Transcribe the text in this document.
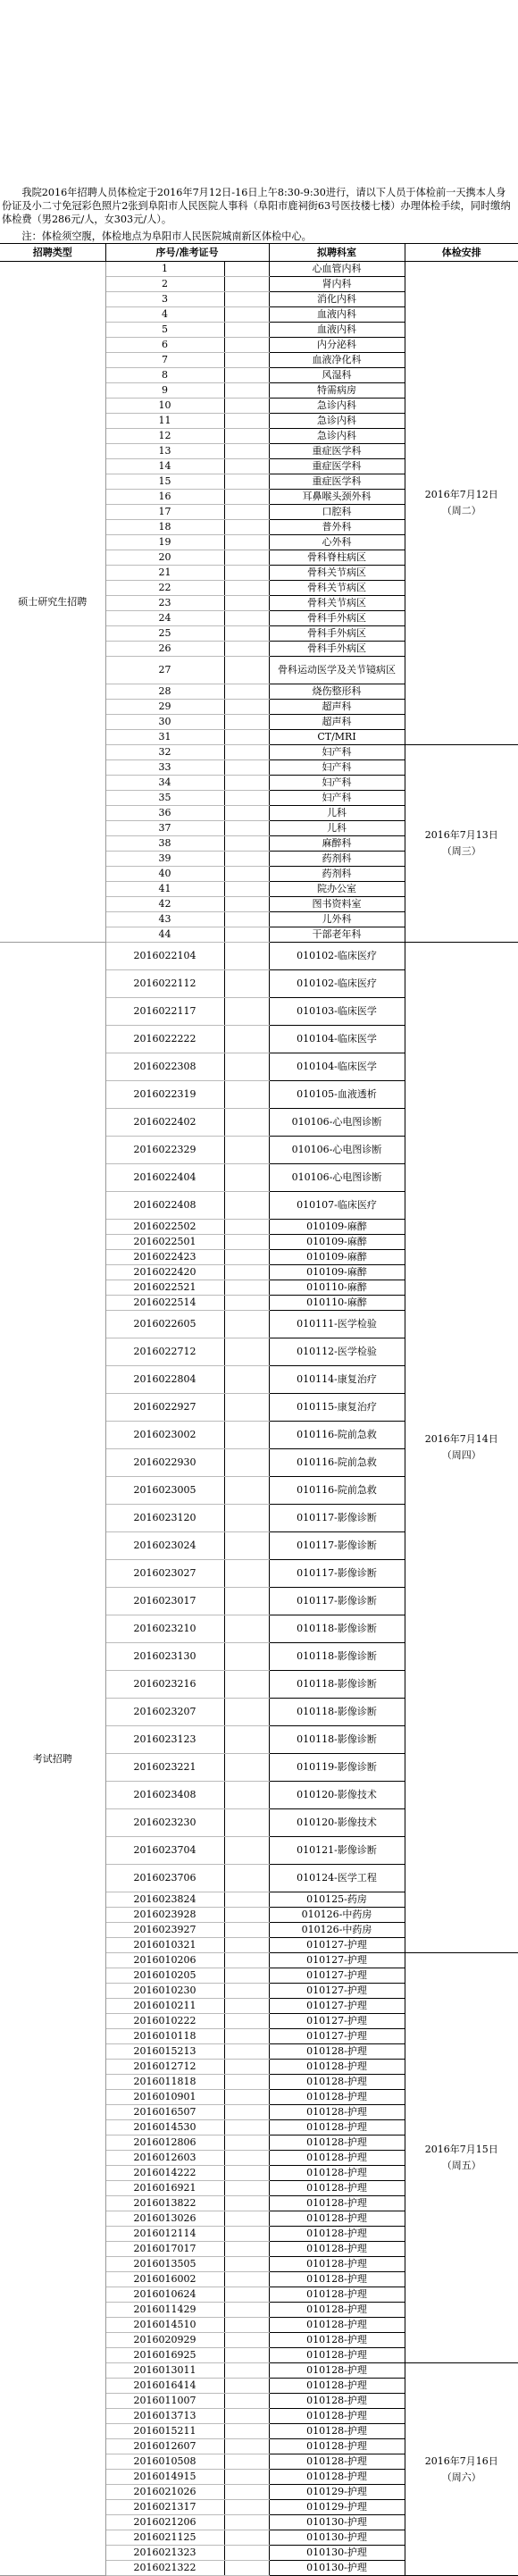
　　我院2016年招聘人员体检定于2016年7月12日-16日上午8:30-9:30进行，请以下人员于体检前一天携本人身份证及小二寸免冠彩色照片2张到阜阳市人民医院人事科（阜阳市鹿祠街63号医技楼七楼）办理体检手续，同时缴纳体检费（男286元/人，女303元/人）。
　　注：体检须空腹，体检地点为阜阳市人民医院城南新区体检中心。
招聘类型	序号/准考证号		拟聘科室	体检安排
硕士研究生招聘	1		心血管内科	2016年7月12日
（周二）
	2		肾内科	
	3		消化内科	
	4		血液内科	
	5		血液内科	
	6		内分泌科	
	7		血液净化科	
	8		风湿科	
	9		特需病房	
	10		急诊内科	
	11		急诊内科	
	12		急诊内科	
	13		重症医学科	
	14		重症医学科	
	15		重症医学科	
	16		耳鼻喉头颈外科	
	17		口腔科	
	18		普外科	
	19		心外科	
	20		骨科脊柱病区	
	21		骨科关节病区	
	22		骨科关节病区	
	23		骨科关节病区	
	24		骨科手外病区	
	25		骨科手外病区	
	26		骨科手外病区	
	27		骨科运动医学及关节镜病区	
	28		烧伤整形科	
	29		超声科	
	30		超声科	
	31		CT/MRI	
	32		妇产科	2016年7月13日
（周三）
	33		妇产科	
	34		妇产科	
	35		妇产科	
	36		儿科	
	37		儿科	
	38		麻醉科	
	39		药剂科	
	40		药剂科	
	41		院办公室	
	42		图书资料室	
	43		儿外科	
	44		干部老年科	
考试招聘	2016022104		010102-临床医疗	2016年7月14日
（周四）
	2016022112		010102-临床医疗	
	2016022117		010103-临床医学	
	2016022222		010104-临床医学	
	2016022308		010104-临床医学	
	2016022319		010105-血液透析	
	2016022402		010106-心电图诊断	
	2016022329		010106-心电图诊断	
	2016022404		010106-心电图诊断	
	2016022408		010107-临床医疗	
	2016022502		010109-麻醉	
	2016022501		010109-麻醉	
	2016022423		010109-麻醉	
	2016022420		010109-麻醉	
	2016022521		010110-麻醉	
	2016022514		010110-麻醉	
	2016022605		010111-医学检验	
	2016022712		010112-医学检验	
	2016022804		010114-康复治疗	
	2016022927		010115-康复治疗	
	2016023002		010116-院前急救	
	2016022930		010116-院前急救	
	2016023005		010116-院前急救	
	2016023120		010117-影像诊断	
	2016023024		010117-影像诊断	
	2016023027		010117-影像诊断	
	2016023017		010117-影像诊断	
	2016023210		010118-影像诊断	
	2016023130		010118-影像诊断	
	2016023216		010118-影像诊断	
	2016023207		010118-影像诊断	
	2016023123		010118-影像诊断	
	2016023221		010119-影像诊断	
	2016023408		010120-影像技术	
	2016023230		010120-影像技术	
	2016023704		010121-影像诊断	
	2016023706		010124-医学工程	
	2016023824		010125-药房	
	2016023928		010126-中药房	
	2016023927		010126-中药房	
	2016010321		010127-护理	
	2016010206		010127-护理	2016年7月15日
（周五）
	2016010205		010127-护理	
	2016010230		010127-护理	
	2016010211		010127-护理	
	2016010222		010127-护理	
	2016010118		010127-护理	
	2016015213		010128-护理	
	2016012712		010128-护理	
	2016011818		010128-护理	
	2016010901		010128-护理	
	2016016507		010128-护理	
	2016014530		010128-护理	
	2016012806		010128-护理	
	2016012603		010128-护理	
	2016014222		010128-护理	
	2016016921		010128-护理	
	2016013822		010128-护理	
	2016013026		010128-护理	
	2016012114		010128-护理	
	2016017017		010128-护理	
	2016013505		010128-护理	
	2016016002		010128-护理	
	2016010624		010128-护理	
	2016011429		010128-护理	
	2016014510		010128-护理	
	2016020929		010128-护理	
	2016016925		010128-护理	
	2016013011		010128-护理	2016年7月16日
（周六）
	2016016414		010128-护理	
	2016011007		010128-护理	
	2016013713		010128-护理	
	2016015211		010128-护理	
	2016012607		010128-护理	
	2016010508		010128-护理	
	2016014915		010128-护理	
	2016021026		010129-护理	
	2016021317		010129-护理	
	2016021206		010130-护理	
	2016021125		010130-护理	
	2016021323		010130-护理	
	2016021322		010130-护理	
